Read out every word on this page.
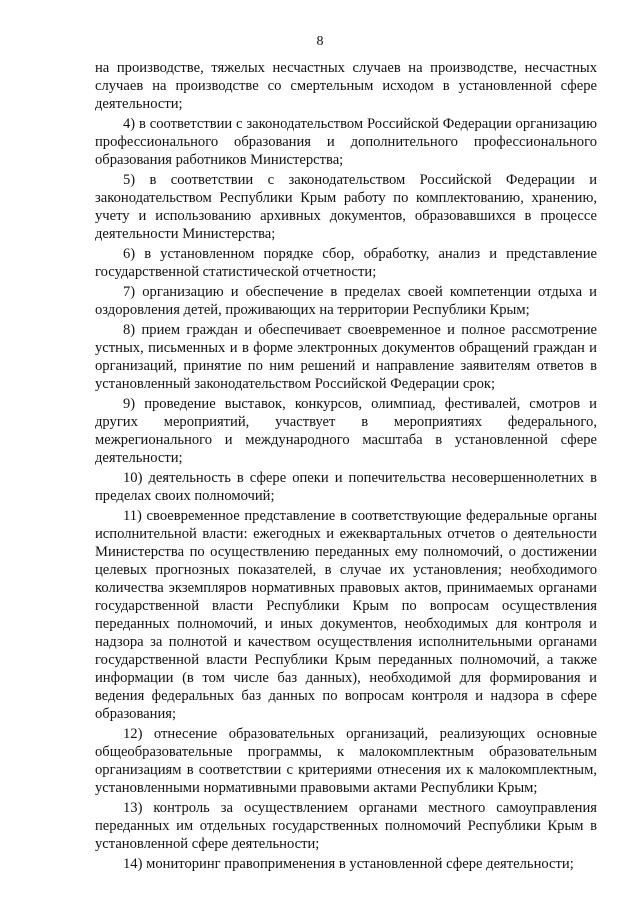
8

на производстве, тяжелых несчастных случаев на производстве, несчастных случаев на производстве со смертельным исходом в установленной сфере деятельности;

4) в соответствии с законодательством Российской Федерации организацию профессионального образования и дополнительного профессионального образования работников Министерства;

5) в соответствии с законодательством Российской Федерации и законодательством Республики Крым работу по комплектованию, хранению, учету и использованию архивных документов, образовавшихся в процессе деятельности Министерства;

6) в установленном порядке сбор, обработку, анализ и представление государственной статистической отчетности;

7) организацию и обеспечение в пределах своей компетенции отдыха и оздоровления детей, проживающих на территории Республики Крым;

8) прием граждан и обеспечивает своевременное и полное рассмотрение устных, письменных и в форме электронных документов обращений граждан и организаций, принятие по ним решений и направление заявителям ответов в установленный законодательством Российской Федерации срок;

9) проведение выставок, конкурсов, олимпиад, фестивалей, смотров и других мероприятий, участвует в мероприятиях федерального, межрегионального и международного масштаба в установленной сфере деятельности;

10) деятельность в сфере опеки и попечительства несовершеннолетних в пределах своих полномочий;

11) своевременное представление в соответствующие федеральные органы исполнительной власти: ежегодных и ежеквартальных отчетов о деятельности Министерства по осуществлению переданных ему полномочий, о достижении целевых прогнозных показателей, в случае их установления; необходимого количества экземпляров нормативных правовых актов, принимаемых органами государственной власти Республики Крым по вопросам осуществления переданных полномочий, и иных документов, необходимых для контроля и надзора за полнотой и качеством осуществления исполнительными органами государственной власти Республики Крым переданных полномочий, а также информации (в том числе баз данных), необходимой для формирования и ведения федеральных баз данных по вопросам контроля и надзора в сфере образования;

12) отнесение образовательных организаций, реализующих основные общеобразовательные программы, к малокомплектным образовательным организациям в соответствии с критериями отнесения их к малокомплектным, установленными нормативными правовыми актами Республики Крым;

13) контроль за осуществлением органами местного самоуправления переданных им отдельных государственных полномочий Республики Крым в установленной сфере деятельности;

14) мониторинг правоприменения в установленной сфере деятельности;
